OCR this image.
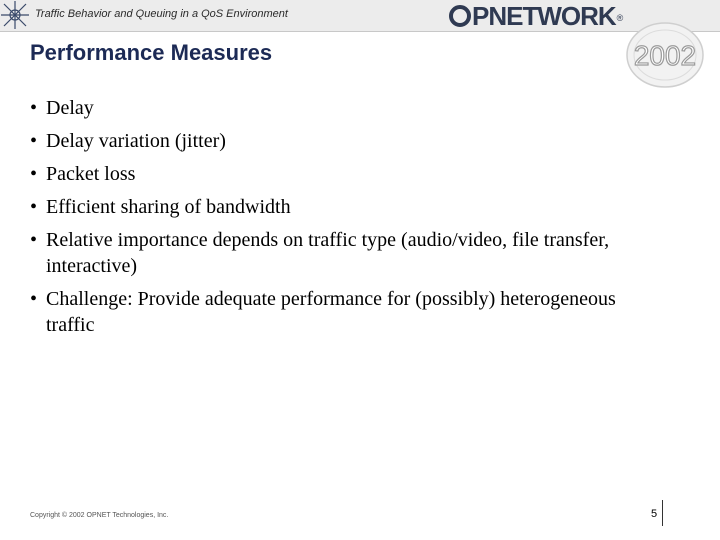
Traffic Behavior and Queuing in a QoS Environment	PNETWORK®
2002
Performance Measures
• Delay
• Delay variation (jitter)
• Packet loss
• Efficient sharing of bandwidth
• Relative importance depends on traffic type (audio/video, file transfer, interactive)
• Challenge: Provide adequate performance for (possibly) heterogeneous traffic
Copyright © 2002 OPNET Technologies, Inc.	5
